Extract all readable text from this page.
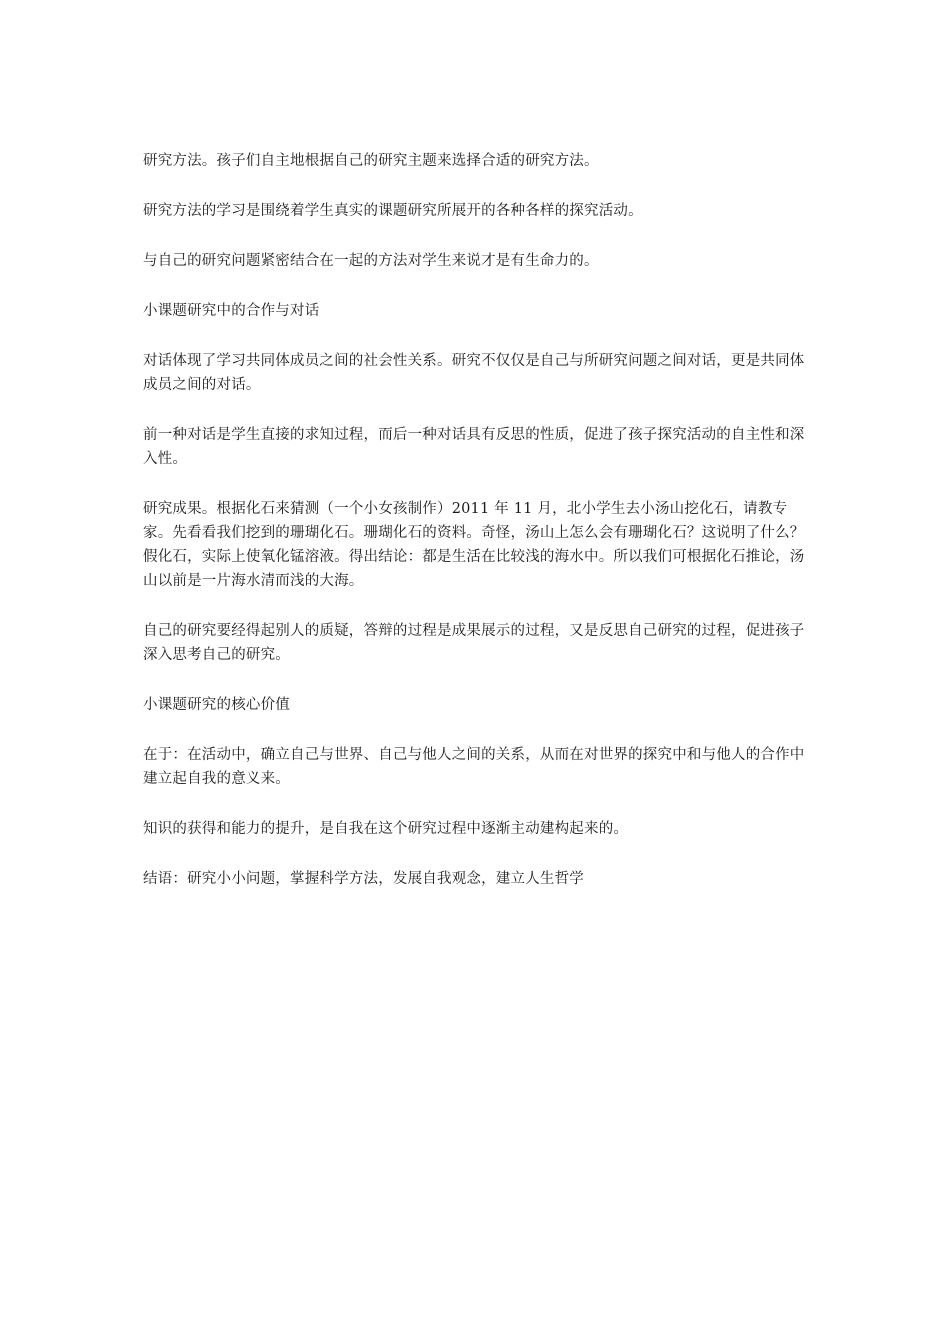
研究方法。孩子们自主地根据自己的研究主题来选择合适的研究方法。

研究方法的学习是围绕着学生真实的课题研究所展开的各种各样的探究活动。

与自己的研究问题紧密结合在一起的方法对学生来说才是有生命力的。

小课题研究中的合作与对话

对话体现了学习共同体成员之间的社会性关系。研究不仅仅是自己与所研究问题之间对话，更是共同体成员之间的对话。

前一种对话是学生直接的求知过程，而后一种对话具有反思的性质，促进了孩子探究活动的自主性和深入性。

研究成果。根据化石来猜测（一个小女孩制作）2011 年 11 月，北小学生去小汤山挖化石，请教专家。先看看我们挖到的珊瑚化石。珊瑚化石的资料。奇怪，汤山上怎么会有珊瑚化石？这说明了什么？假化石，实际上使氧化锰溶液。得出结论：都是生活在比较浅的海水中。所以我们可根据化石推论，汤山以前是一片海水清而浅的大海。

自己的研究要经得起别人的质疑，答辩的过程是成果展示的过程，又是反思自己研究的过程，促进孩子深入思考自己的研究。

小课题研究的核心价值

在于：在活动中，确立自己与世界、自己与他人之间的关系，从而在对世界的探究中和与他人的合作中建立起自我的意义来。

知识的获得和能力的提升，是自我在这个研究过程中逐渐主动建构起来的。

结语：研究小小问题，掌握科学方法，发展自我观念，建立人生哲学
